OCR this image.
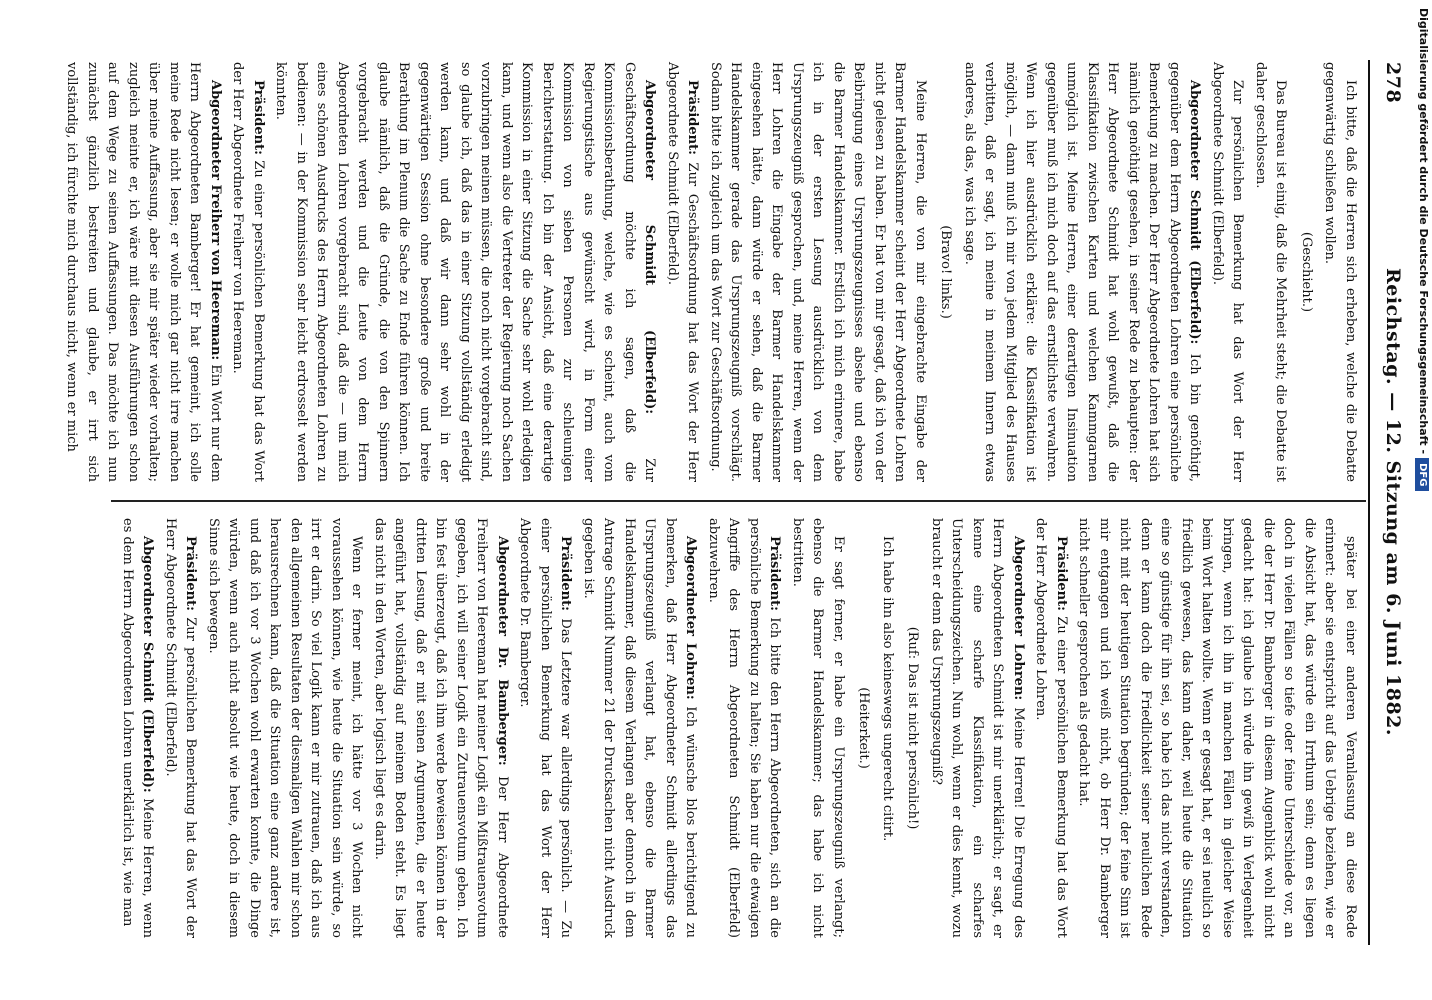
278
Reichstag. — 12. Sitzung am 6. Juni 1882.

Ich bitte, daß die Herren sich erheben, welche die Debatte gegenwärtig schließen wollen.

(Geschieht.)

Das Bureau ist einig, daß die Mehrheit steht; die Debatte ist daher geschlossen.

Zur persönlichen Bemerkung hat das Wort der Herr Abgeordnete Schmidt (Elberfeld).

Abgeordneter Schmidt (Elberfeld): Ich bin genöthigt, gegenüber dem Herrn Abgeordneten Lohren eine persönliche Bemerkung zu machen. Der Herr Abgeordnete Lohren hat sich nämlich genöthigt gesehen, in seiner Rede zu behaupten: der Herr Abgeordnete Schmidt hat wohl gewußt, daß die Klassifikation zwischen Karten und welchen Kammgarnen unmöglich ist. Meine Herren, einer derartigen Insinuation gegenüber muß ich mich doch auf das ernstlichste verwahren. Wenn ich hier ausdrücklich erkläre: die Klassifikation ist möglich, — dann muß ich mir von jedem Mitglied des Hauses verbitten, daß er sagt, ich meine in meinem Innern etwas anderes, als das, was ich sage.

(Bravo! links.)

Meine Herren, die von mir eingebrachte Eingabe der Barmer Handelskammer scheint der Herr Abgeordnete Lohren nicht gelesen zu haben. Er hat von mir gesagt, daß ich von der Beibringung eines Ursprungszeugnisses absehe und ebenso die Barmer Handelskammer. Erstlich ich mich erinnere, habe ich in der ersten Lesung ausdrücklich von dem Ursprungszeugniß gesprochen, und, meine Herren, wenn der Herr Lohren die Eingabe der Barmer Handelskammer eingesehen hätte, dann würde er sehen, daß die Barmer Handelskammer gerade das Ursprungszeugniß vorschlägt. Sodann bitte ich zugleich um das Wort zur Geschäftsordnung.

Präsident: Zur Geschäftsordnung hat das Wort der Herr Abgeordnete Schmidt (Elberfeld).

Abgeordneter Schmidt (Elberfeld): Zur Geschäftsordnung möchte ich sagen, daß die Kommissionsberathung, welche, wie es scheint, auch vom Regierungstische aus gewünscht wird, in Form einer Kommission von sieben Personen zur schleunigen Berichterstattung. Ich bin der Ansicht, daß eine derartige Kommission in einer Sitzung die Sache sehr wohl erledigen kann, und wenn also die Vertreter der Regierung noch Sachen vorzubringen meinen müssen, die noch nicht vorgebracht sind, so glaube ich, daß das in einer Sitzung vollständig erledigt werden kann, und daß wir dann sehr wohl in der gegenwärtigen Session ohne besondere große und breite Berathung im Plenum die Sache zu Ende führen können. Ich glaube nämlich, daß die Gründe, die von den Spinnern vorgebracht werden und die Leute von dem Herrn Abgeordneten Lohren vorgebracht sind, daß die — um mich eines schönen Ausdrucks des Herrn Abgeordneten Lohren zu bedienen: — in der Kommission sehr leicht erdrosselt werden könnten.

Präsident: Zu einer persönlichen Bemerkung hat das Wort der Herr Abgeordnete Freiherr von Heereman.

Abgeordneter Freiherr von Heereman: Ein Wort nur dem Herrn Abgeordneten Bamberger! Er hat gemeint, ich solle meine Rede nicht lesen; er wolle mich gar nicht irre machen über meine Auffassung, aber sie mir später wieder vorhalten; zugleich meinte er, ich wäre mit diesen Ausführungen schon auf dem Wege zu seinen Auffassungen. Das möchte ich nun zunächst gänzlich bestreiten und glaube, er irrt sich vollständig, ich fürchte mich durchaus nicht, wenn er mich

später bei einer anderen Veranlassung an diese Rede erinnert: aber sie entspricht auf das Uebrige beziehen, wie er die Absicht hat, das würde ein Irrthum sein; denn es liegen doch in vielen Fällen so tiefe oder feine Unterschiede vor, an die der Herr Dr. Bamberger in diesem Augenblick wohl nicht gedacht hat: ich glaube ich würde ihn gewiß in Verlegenheit bringen, wenn ich ihn in manchen Fällen in gleicher Weise beim Wort halten wollte. Wenn er gesagt hat, er sei neulich so friedlich gewesen, das kann daher, weil heute die Situation eine so günstige für ihn sei, so habe ich das nicht verstanden, denn er kann doch die Friedlichkeit seiner neulichen Rede nicht mit der heutigen Situation begründen; der feine Sinn ist mir entgangen und ich weiß nicht, ob Herr Dr. Bamberger nicht schneller gesprochen als gedacht hat.

Präsident: Zu einer persönlichen Bemerkung hat das Wort der Herr Abgeordnete Lohren.

Abgeordneter Lohren: Meine Herren! Die Erregung des Herrn Abgeordneten Schmidt ist mir unerklärlich; er sagt, er kenne eine scharfe Klassifikation, ein scharfes Unterscheidungszeichen. Nun wohl, wenn er dies kennt, wozu braucht er denn das Ursprungszeugniß?

(Ruf: Das ist nicht persönlich!)

Ich habe ihn also keineswegs ungerecht citirt.

(Heiterkeit.)

Er sagt ferner, er habe ein Ursprungszeugniß verlangt; ebenso die Barmer Handelskammer; das habe ich nicht bestritten.

Präsident: Ich bitte den Herrn Abgeordneten, sich an die persönliche Bemerkung zu halten; Sie haben nur die etwaigen Angriffe des Herrn Abgeordneten Schmidt (Elberfeld) abzuwehren.

Abgeordneter Lohren: Ich wünsche blos berichtigend zu bemerken, daß Herr Abgeordneter Schmidt allerdings das Ursprungszeugniß verlangt hat, ebenso die Barmer Handelskammer, daß diesem Verlangen aber dennoch in dem Antrage Schmidt Nummer 21 der Drucksachen nicht Ausdruck gegeben ist.

Präsident: Das Letztere war allerdings persönlich. — Zu einer persönlichen Bemerkung hat das Wort der Herr Abgeordnete Dr. Bamberger.

Abgeordneter Dr. Bamberger: Der Herr Abgeordnete Freiherr von Heereman hat meiner Logik ein Mißtrauensvotum gegeben, ich will seiner Logik ein Zutrauensvotum geben. Ich bin fest überzeugt, daß ich ihm werde beweisen können in der dritten Lesung, daß er mit seinen Argumenten, die er heute angeführt hat, vollständig auf meinem Boden steht. Es liegt das nicht in den Worten, aber logisch liegt es darin.

Wenn er ferner meint, ich hätte vor 3 Wochen nicht voraussehen können, wie heute die Situation sein würde, so irrt er darin. So viel Logik kann er mir zutrauen, daß ich aus den allgemeinen Resultaten der diesmaligen Wahlen mir schon herausrechnen kann, daß die Situation eine ganz andere ist, und daß ich vor 3 Wochen wohl erwarten konnte, die Dinge würden, wenn auch nicht absolut wie heute, doch in diesem Sinne sich bewegen.

Präsident: Zur persönlichen Bemerkung hat das Wort der Herr Abgeordnete Schmidt (Elberfeld).

Abgeordneter Schmidt (Elberfeld): Meine Herren, wenn es dem Herrn Abgeordneten Lohren unerklärlich ist, wie man

Digitalisierung gefördert durch die Deutsche Forschungsgemeinschaft -DFG
